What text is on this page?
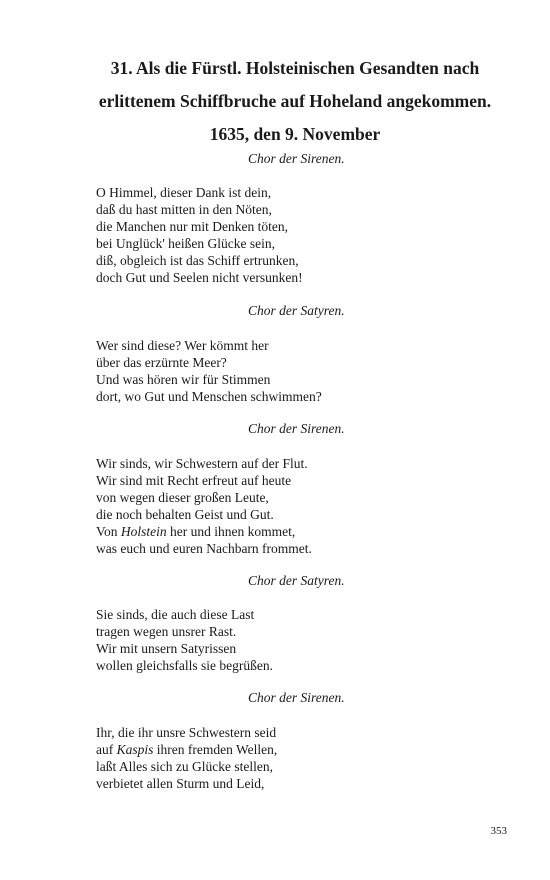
31. Als die Fürstl. Holsteinischen Gesandten nach
erlittenem Schiffbruche auf Hoheland angekommen.
1635, den 9. November

Chor der Sirenen.

O Himmel, dieser Dank ist dein,
daß du hast mitten in den Nöten,
die Manchen nur mit Denken töten,
bei Unglück' heißen Glücke sein,
diß, obgleich ist das Schiff ertrunken,
doch Gut und Seelen nicht versunken!

Chor der Satyren.

Wer sind diese? Wer kömmt her
über das erzürnte Meer?
Und was hören wir für Stimmen
dort, wo Gut und Menschen schwimmen?

Chor der Sirenen.

Wir sinds, wir Schwestern auf der Flut.
Wir sind mit Recht erfreut auf heute
von wegen dieser großen Leute,
die noch behalten Geist und Gut.
Von Holstein her und ihnen kommet,
was euch und euren Nachbarn frommet.

Chor der Satyren.

Sie sinds, die auch diese Last
tragen wegen unsrer Rast.
Wir mit unsern Satyrissen
wollen gleichsfalls sie begrüßen.

Chor der Sirenen.

Ihr, die ihr unsre Schwestern seid
auf Kaspis ihren fremden Wellen,
laßt Alles sich zu Glücke stellen,
verbietet allen Sturm und Leid,
353
